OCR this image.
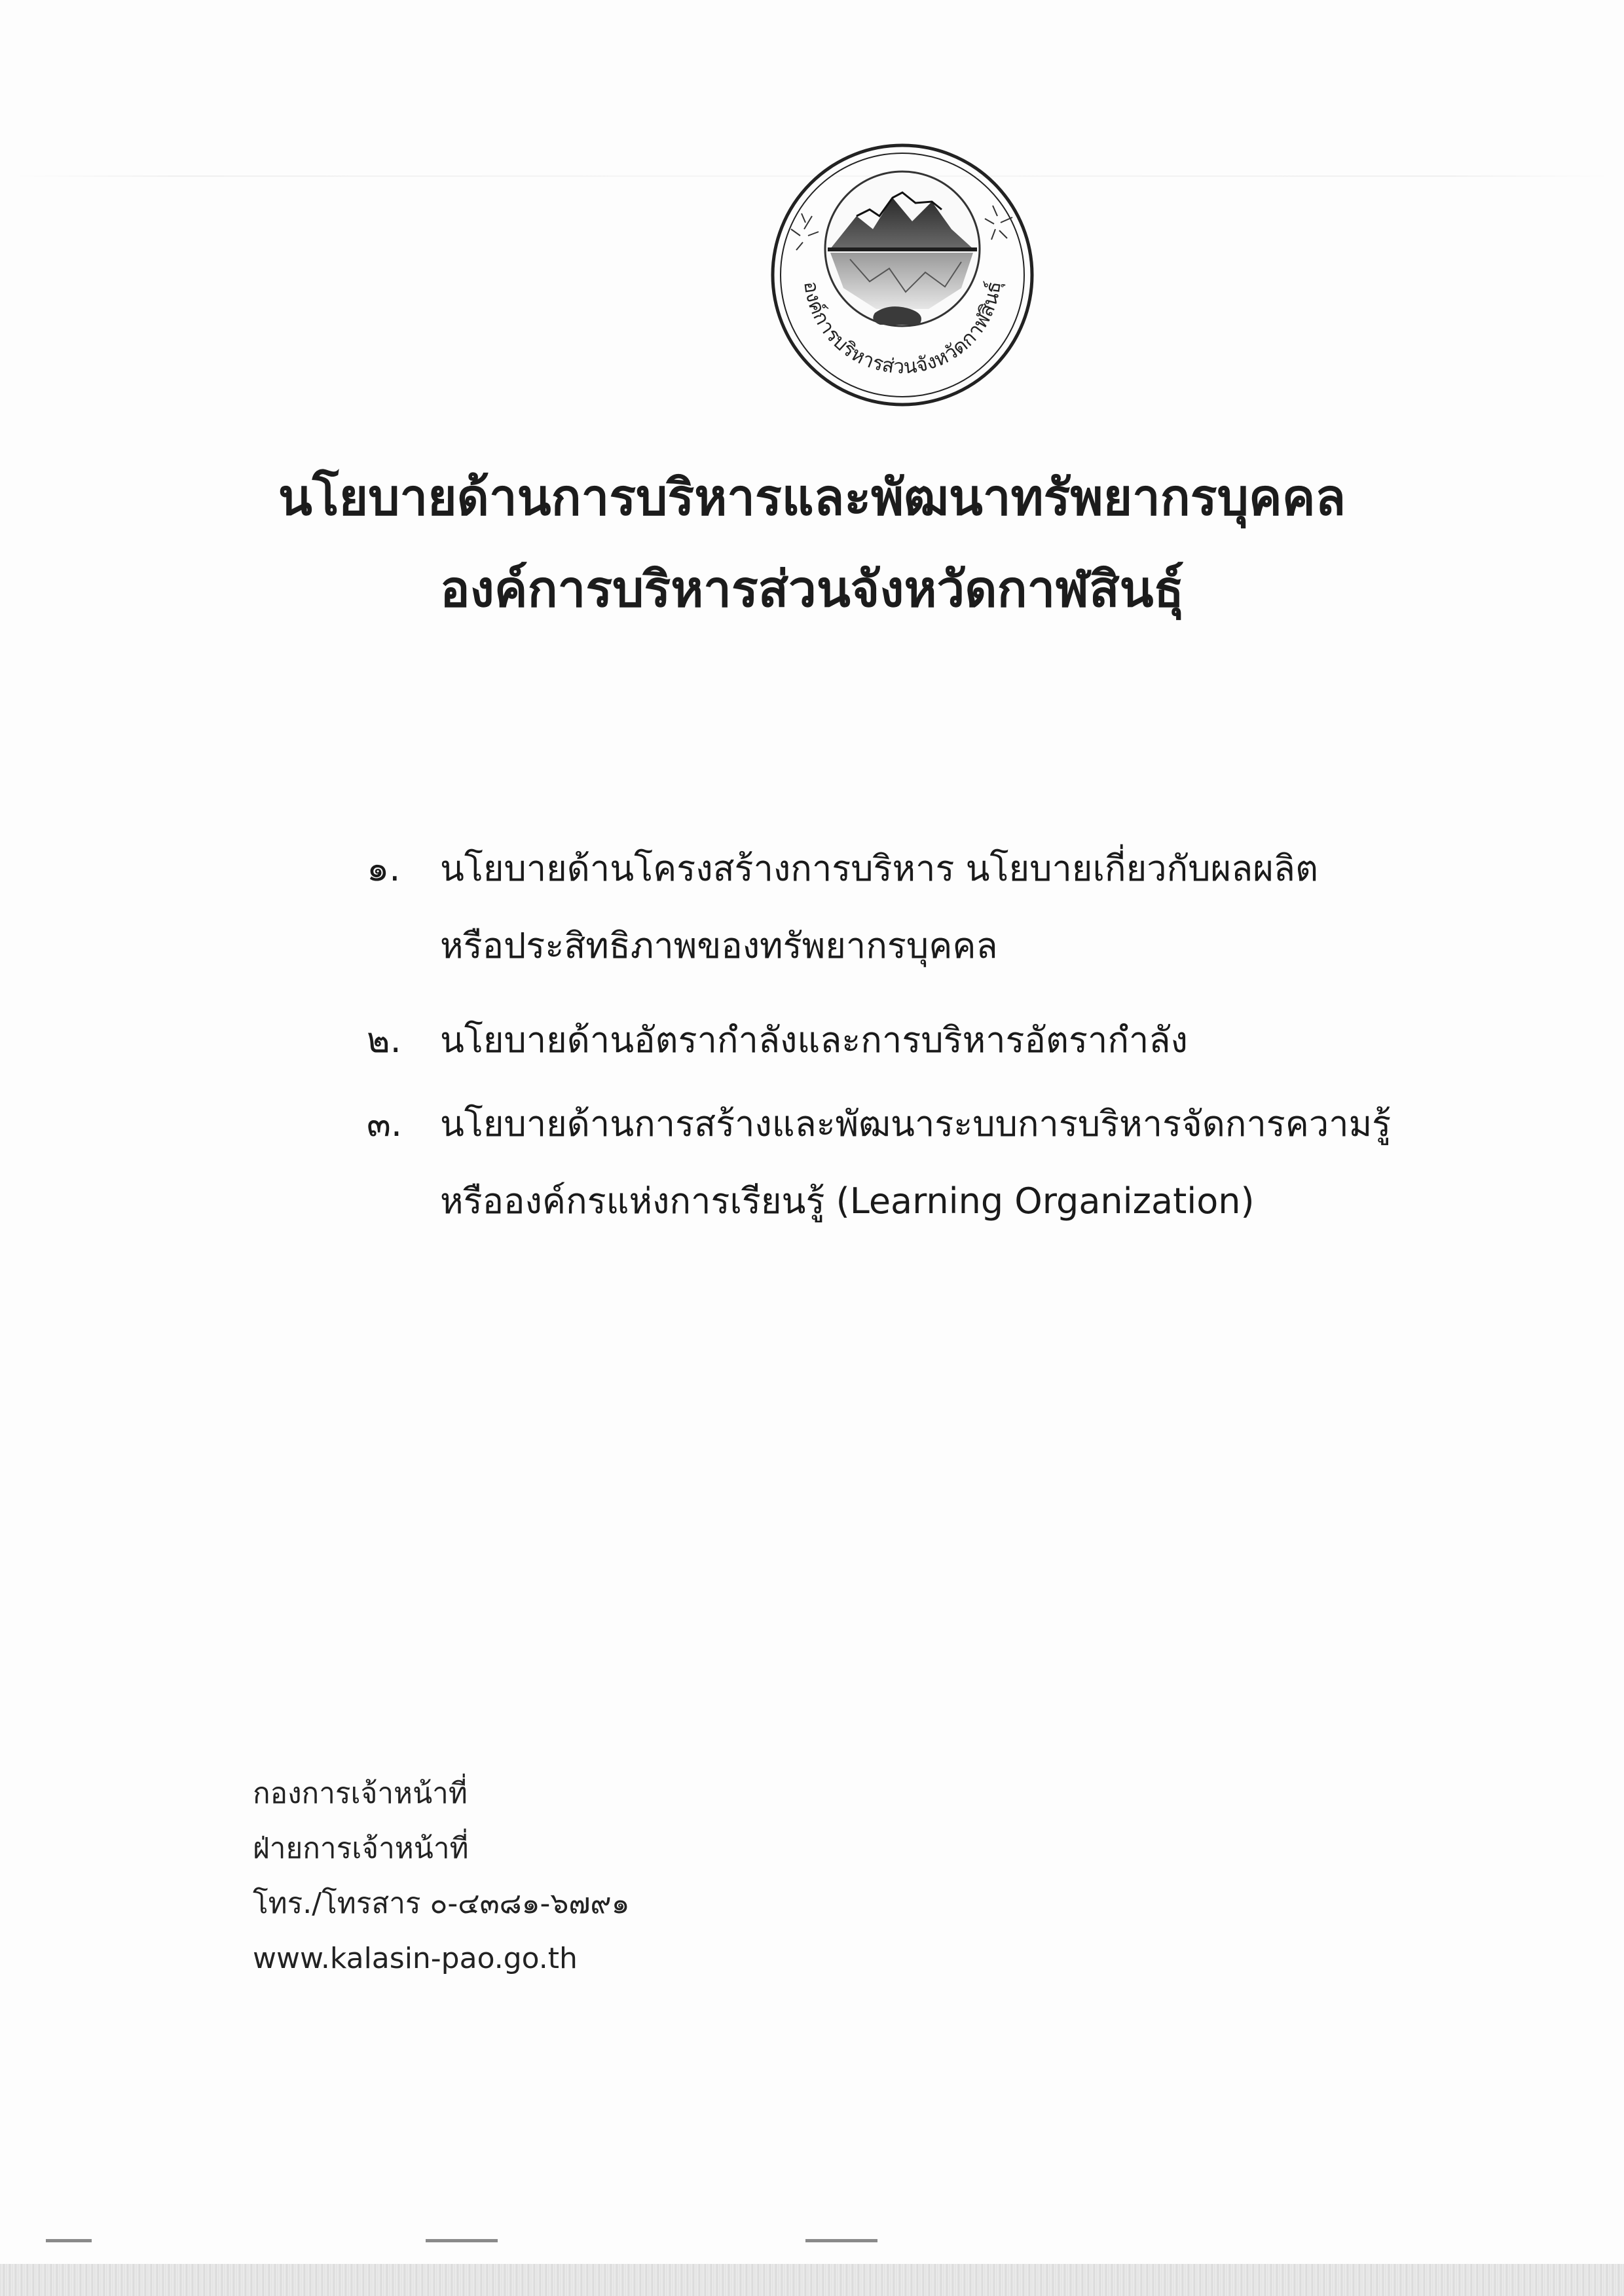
องค์การบริหารส่วนจังหวัดกาฬสินธุ์
นโยบายด้านการบริหารและพัฒนาทรัพยากรบุคคล
องค์การบริหารส่วนจังหวัดกาฬสินธุ์
๑.	นโยบายด้านโครงสร้างการบริหาร นโยบายเกี่ยวกับผลผลิต
หรือประสิทธิภาพของทรัพยากรบุคคล
๒.	นโยบายด้านอัตรากำลังและการบริหารอัตรากำลัง
๓.	นโยบายด้านการสร้างและพัฒนาระบบการบริหารจัดการความรู้
หรือองค์กรแห่งการเรียนรู้ (Learning Organization)
กองการเจ้าหน้าที่
ฝ่ายการเจ้าหน้าที่
โทร./โทรสาร ๐-๔๓๘๑-๖๗๙๑
www.kalasin-pao.go.th
